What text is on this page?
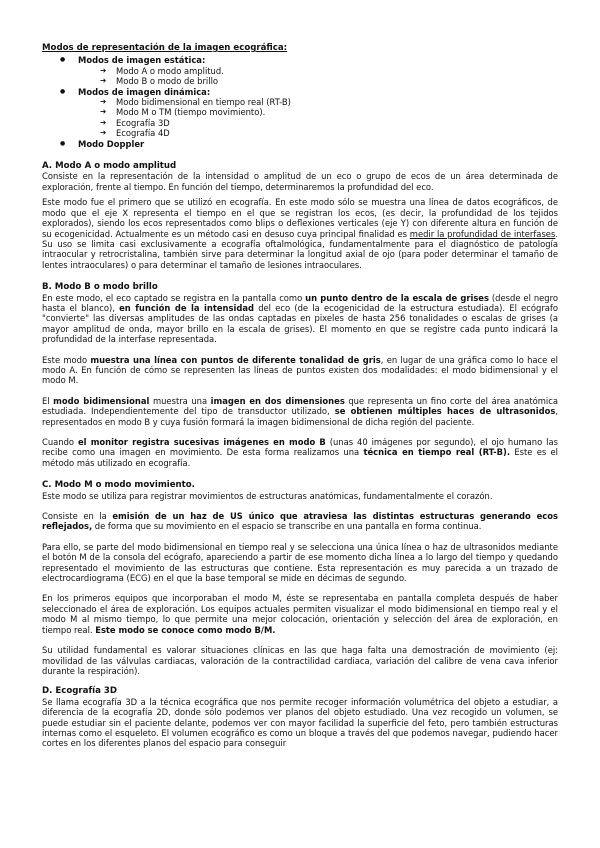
Modos de representación de la imagen ecográfica:
● Modos de imagen estática:
➔ Modo A o modo amplitud.
➔ Modo B o modo de brillo
● Modos de imagen dinámica:
➔ Modo bidimensional en tiempo real (RT-B)
➔ Modo M o TM (tiempo movimiento).
➔ Ecografía 3D
➔ Ecografía 4D
● Modo Doppler
A. Modo A o modo amplitud

Consiste en la representación de la intensidad o amplitud de un eco o grupo de ecos de un área determinada de exploración, frente al tiempo. En función del tiempo, determinaremos la profundidad del eco.

Este modo fue el primero que se utilizó en ecografía. En este modo sólo se muestra una línea de datos ecográficos, de modo que el eje X representa el tiempo en el que se registran los ecos, (es decir, la profundidad de los tejidos explorados), siendo los ecos representados como blips o deflexiones verticales (eje Y) con diferente altura en función de su ecogenicidad. Actualmente es un método casi en desuso cuya principal finalidad es medir la profundidad de interfases. Su uso se limita casi exclusivamente a ecografía oftalmológica, fundamentalmente para el diagnóstico de patología intraocular y retrocristalina, también sirve para determinar la longitud axial de ojo (para poder determinar el tamaño de lentes intraoculares) o para determinar el tamaño de lesiones intraoculares.

B. Modo B o modo brillo

En este modo, el eco captado se registra en la pantalla como un punto dentro de la escala de grises (desde el negro hasta el blanco), en función de la intensidad del eco (de la ecogenicidad de la estructura estudiada). El ecógrafo "convierte" las diversas amplitudes de las ondas captadas en pixeles de hasta 256 tonalidades o escalas de grises (a mayor amplitud de onda, mayor brillo en la escala de grises). El momento en que se registre cada punto indicará la profundidad de la interfase representada.

Este modo muestra una línea con puntos de diferente tonalidad de gris, en lugar de una gráfica como lo hace el modo A. En función de cómo se representen las líneas de puntos existen dos modalidades: el modo bidimensional y el modo M.

El modo bidimensional muestra una imagen en dos dimensiones que representa un fino corte del área anatómica estudiada. Independientemente del tipo de transductor utilizado, se obtienen múltiples haces de ultrasonidos, representados en modo B y cuya fusión formará la imagen bidimensional de dicha región del paciente.

Cuando el monitor registra sucesivas imágenes en modo B (unas 40 imágenes por segundo), el ojo humano las recibe como una imagen en movimiento. De esta forma realizamos una técnica en tiempo real (RT-B). Este es el método más utilizado en ecografía.

C. Modo M o modo movimiento.

Este modo se utiliza para registrar movimientos de estructuras anatómicas, fundamentalmente el corazón.

Consiste en la emisión de un haz de US único que atraviesa las distintas estructuras generando ecos reflejados, de forma que su movimiento en el espacio se transcribe en una pantalla en forma continua.

Para ello, se parte del modo bidimensional en tiempo real y se selecciona una única línea o haz de ultrasonidos mediante el botón M de la consola del ecógrafo, apareciendo a partir de ese momento dicha línea a lo largo del tiempo y quedando representado el movimiento de las estructuras que contiene. Esta representación es muy parecida a un trazado de electrocardiograma (ECG) en el que la base temporal se mide en décimas de segundo.

En los primeros equipos que incorporaban el modo M, éste se representaba en pantalla completa después de haber seleccionado el área de exploración. Los equipos actuales permiten visualizar el modo bidimensional en tiempo real y el modo M al mismo tiempo, lo que permite una mejor colocación, orientación y selección del área de exploración, en tiempo real. Este modo se conoce como modo B/M.

Su utilidad fundamental es valorar situaciones clínicas en las que haga falta una demostración de movimiento (ej: movilidad de las válvulas cardiacas, valoración de la contractilidad cardiaca, variación del calibre de vena cava inferior durante la respiración).

D. Ecografía 3D

Se llama ecografía 3D a la técnica ecográfica que nos permite recoger información volumétrica del objeto a estudiar, a diferencia de la ecografía 2D, donde sólo podemos ver planos del objeto estudiado. Una vez recogido un volumen, se puede estudiar sin el paciente delante, podemos ver con mayor facilidad la superficie del feto, pero también estructuras internas como el esqueleto. El volumen ecográfico es como un bloque a través del que podemos navegar, pudiendo hacer cortes en los diferentes planos del espacio para conseguir
